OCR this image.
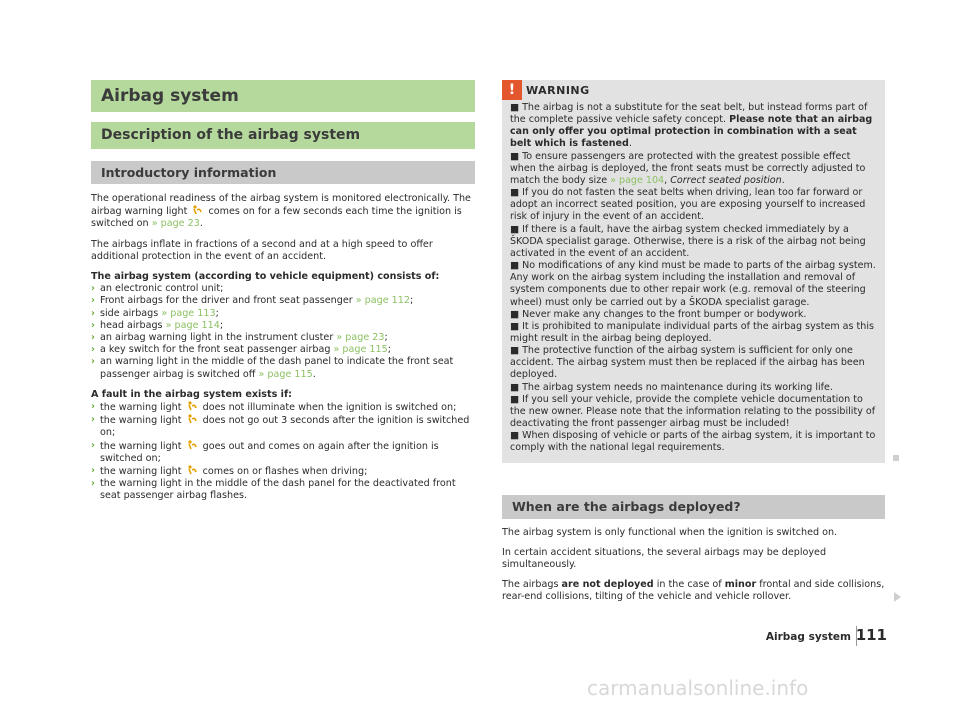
Airbag system
Description of the airbag system
Introductory information

The operational readiness of the airbag system is monitored electronically. The airbag warning light comes on for a few seconds each time the ignition is switched on » page 23.

The airbags inflate in fractions of a second and at a high speed to offer additional protection in the event of an accident.

The airbag system (according to vehicle equipment) consists of:

› an electronic control unit;
› Front airbags for the driver and front seat passenger » page 112;
› side airbags » page 113;
› head airbags » page 114;
› an airbag warning light in the instrument cluster » page 23;
› a key switch for the front seat passenger airbag » page 115;
› an warning light in the middle of the dash panel to indicate the front seat passenger airbag is switched off » page 115.

A fault in the airbag system exists if:

› the warning light does not illuminate when the ignition is switched on;
› the warning light does not go out 3 seconds after the ignition is switched on;
› the warning light goes out and comes on again after the ignition is switched on;
› the warning light comes on or flashes when driving;
› the warning light in the middle of the dash panel for the deactivated front seat passenger airbag flashes.
! WARNING

■ The airbag is not a substitute for the seat belt, but instead forms part of the complete passive vehicle safety concept. Please note that an airbag can only offer you optimal protection in combination with a seat belt which is fastened.

■ To ensure passengers are protected with the greatest possible effect when the airbag is deployed, the front seats must be correctly adjusted to match the body size » page 104, Correct seated position.

■ If you do not fasten the seat belts when driving, lean too far forward or adopt an incorrect seated position, you are exposing yourself to increased risk of injury in the event of an accident.

■ If there is a fault, have the airbag system checked immediately by a ŠKODA specialist garage. Otherwise, there is a risk of the airbag not being activated in the event of an accident.

■ No modifications of any kind must be made to parts of the airbag system. Any work on the airbag system including the installation and removal of system components due to other repair work (e.g. removal of the steering wheel) must only be carried out by a ŠKODA specialist garage.

■ Never make any changes to the front bumper or bodywork.

■ It is prohibited to manipulate individual parts of the airbag system as this might result in the airbag being deployed.

■ The protective function of the airbag system is sufficient for only one accident. The airbag system must then be replaced if the airbag has been deployed.

■ The airbag system needs no maintenance during its working life.

■ If you sell your vehicle, provide the complete vehicle documentation to the new owner. Please note that the information relating to the possibility of deactivating the front passenger airbag must be included!

■ When disposing of vehicle or parts of the airbag system, it is important to comply with the national legal requirements.

When are the airbags deployed?

The airbag system is only functional when the ignition is switched on.

In certain accident situations, the several airbags may be deployed simultaneously.

The airbags are not deployed in the case of minor frontal and side collisions, rear-end collisions, tilting of the vehicle and vehicle rollover.

Airbag system 111
carmanualsonline.info
